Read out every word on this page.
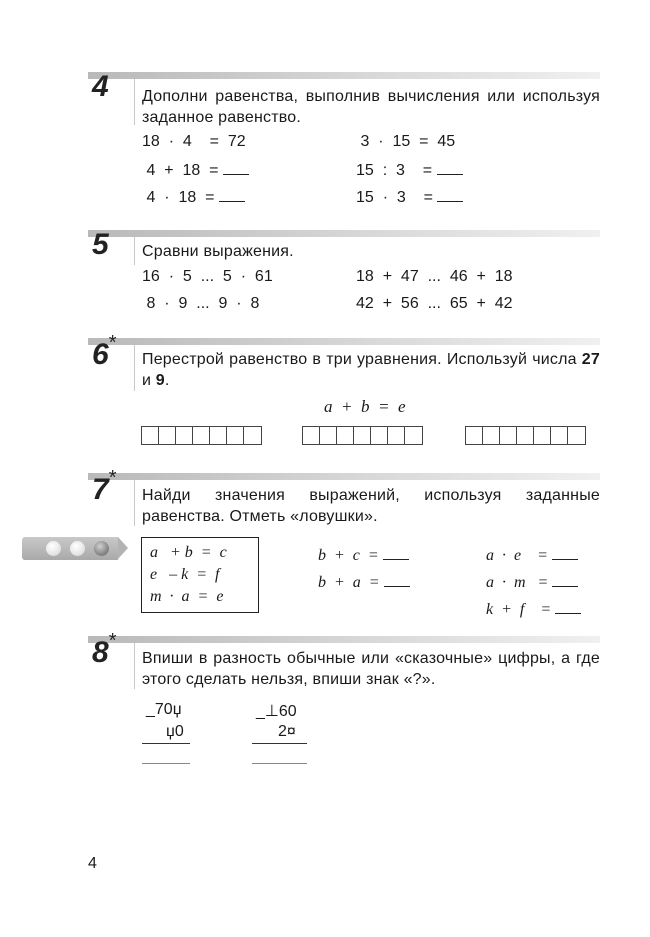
4 Дополни равенства, выполнив вычисления или используя заданное равенство.
18  ·  4    =  72
4  +  18  =
4  ·  18  =
3  ·  15  =  45
15  :  3    =
15  ·  3    =
5 Сравни выражения.
16  ·  5  ...  5  ·  61
8  ·  9  ...  9  ·  8
18  +  47  ...  46  +  18
42  +  56  ...  65  +  42
6*
Перестрой равенство в три уравнения. Используй числа 27 и 9.
a  +  b  =  e
7*
Найди значения выражений, используя заданные равенства. Отметь «ловушки».
a   + b  =  c
e   – k  =  f
m  ·  a  =  e
b  +  c  =
b  +  a  =
a  ·  e    =
a  ·  m   =
k  +  f    =
8*
Впиши в разность обычные или «сказочные» цифры, а где этого сделать нельзя, впиши знак «?».
_70џ
џ0
_⊥60
2¤
4
